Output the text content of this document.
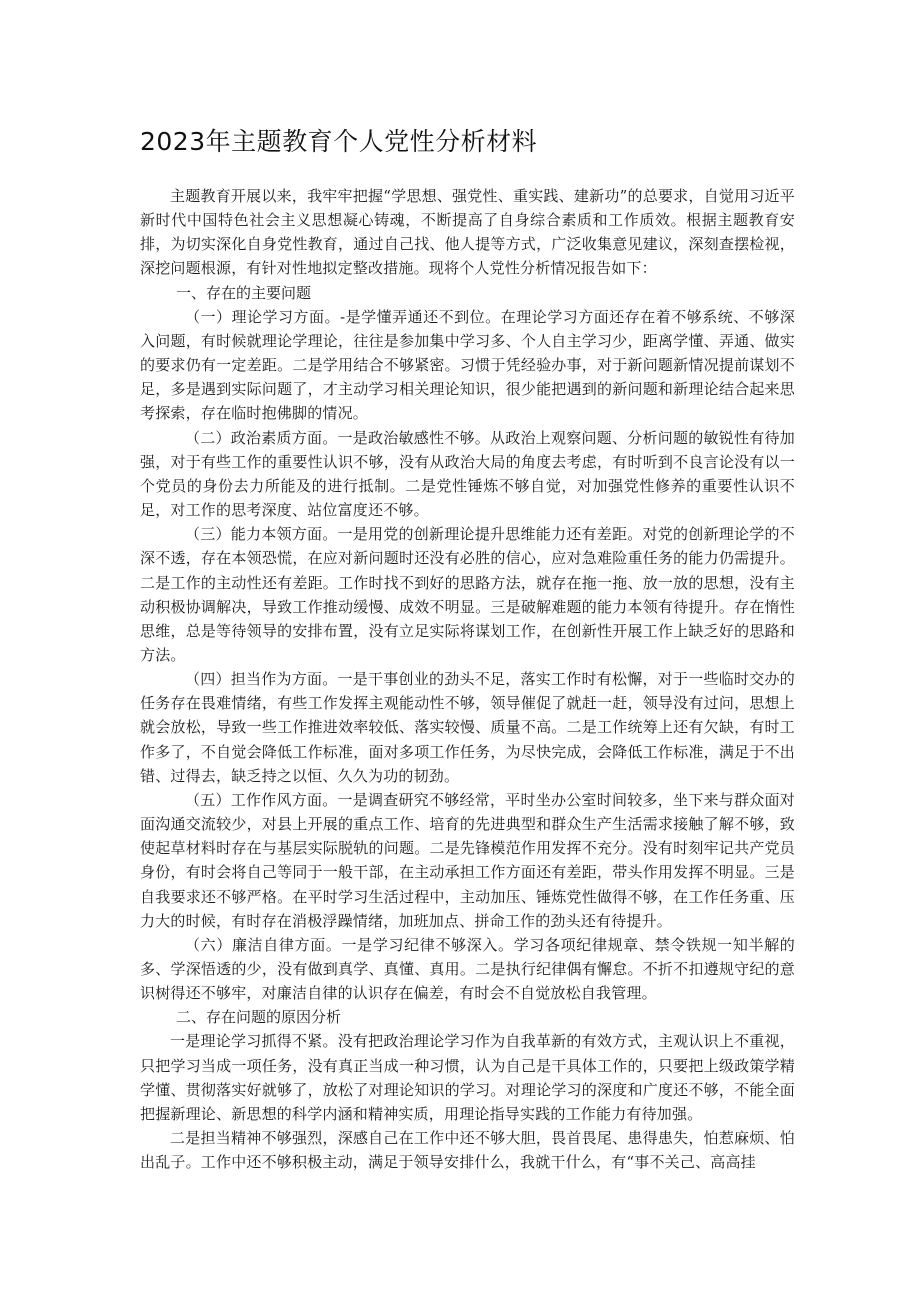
2023年主题教育个人党性分析材料

主题教育开展以来，我牢牢把握“学思想、强党性、重实践、建新功”的总要求，自觉用习近平新时代中国特色社会主义思想凝心铸魂，不断提高了自身综合素质和工作质效。根据主题教育安排，为切实深化自身党性教育，通过自己找、他人提等方式，广泛收集意见建议，深刻查摆检视，深挖问题根源，有针对性地拟定整改措施。现将个人党性分析情况报告如下：

一、存在的主要问题

（一）理论学习方面。-是学懂弄通还不到位。在理论学习方面还存在着不够系统、不够深入问题，有时候就理论学理论，往往是参加集中学习多、个人自主学习少，距离学懂、弄通、做实的要求仍有一定差距。二是学用结合不够紧密。习惯于凭经验办事，对于新问题新情况提前谋划不足，多是遇到实际问题了，才主动学习相关理论知识，很少能把遇到的新问题和新理论结合起来思考探索，存在临时抱佛脚的情况。

（二）政治素质方面。一是政治敏感性不够。从政治上观察问题、分析问题的敏锐性有待加强，对于有些工作的重要性认识不够，没有从政治大局的角度去考虑，有时听到不良言论没有以一个党员的身份去力所能及的进行抵制。二是党性锤炼不够自觉，对加强党性修养的重要性认识不足，对工作的思考深度、站位富度还不够。

（三）能力本领方面。一是用党的创新理论提升思维能力还有差距。对党的创新理论学的不深不透，存在本领恐慌，在应对新问题时还没有必胜的信心，应对急难险重任务的能力仍需提升。二是工作的主动性还有差距。工作时找不到好的思路方法，就存在拖一拖、放一放的思想，没有主动积极协调解决，导致工作推动缓慢、成效不明显。三是破解难题的能力本领有待提升。存在惰性思维，总是等待领导的安排布置，没有立足实际将谋划工作，在创新性开展工作上缺乏好的思路和方法。

（四）担当作为方面。一是干事创业的劲头不足，落实工作时有松懈，对于一些临时交办的任务存在畏难情绪，有些工作发挥主观能动性不够，领导催促了就赶一赶，领导没有过问，思想上就会放松，导致一些工作推进效率较低、落实较慢、质量不高。二是工作统筹上还有欠缺，有时工作多了，不自觉会降低工作标准，面对多项工作任务，为尽快完成，会降低工作标准，满足于不出错、过得去，缺乏持之以恒、久久为功的韧劲。

（五）工作作风方面。一是调查研究不够经常，平时坐办公室时间较多，坐下来与群众面对面沟通交流较少，对县上开展的重点工作、培育的先进典型和群众生产生活需求接触了解不够，致使起草材料时存在与基层实际脱轨的问题。二是先锋模范作用发挥不充分。没有时刻牢记共产党员身份，有时会将自己等同于一般干部，在主动承担工作方面还有差距，带头作用发挥不明显。三是自我要求还不够严格。在平时学习生活过程中，主动加压、锤炼党性做得不够，在工作任务重、压力大的时候，有时存在消极浮躁情绪，加班加点、拼命工作的劲头还有待提升。

（六）廉洁自律方面。一是学习纪律不够深入。学习各项纪律规章、禁令铁规一知半解的多、学深悟透的少，没有做到真学、真懂、真用。二是执行纪律偶有懈怠。不折不扣遵规守纪的意识树得还不够牢，对廉洁自律的认识存在偏差，有时会不自觉放松自我管理。

二、存在问题的原因分析

一是理论学习抓得不紧。没有把政治理论学习作为自我革新的有效方式，主观认识上不重视，只把学习当成一项任务，没有真正当成一种习惯，认为自己是干具体工作的，只要把上级政策学精学懂、贯彻落实好就够了，放松了对理论知识的学习。对理论学习的深度和广度还不够，不能全面把握新理论、新思想的科学内涵和精神实质，用理论指导实践的工作能力有待加强。

二是担当精神不够强烈，深感自己在工作中还不够大胆，畏首畏尾、患得患失，怕惹麻烦、怕出乱子。工作中还不够积极主动，满足于领导安排什么，我就干什么，有“事不关己、高高挂
